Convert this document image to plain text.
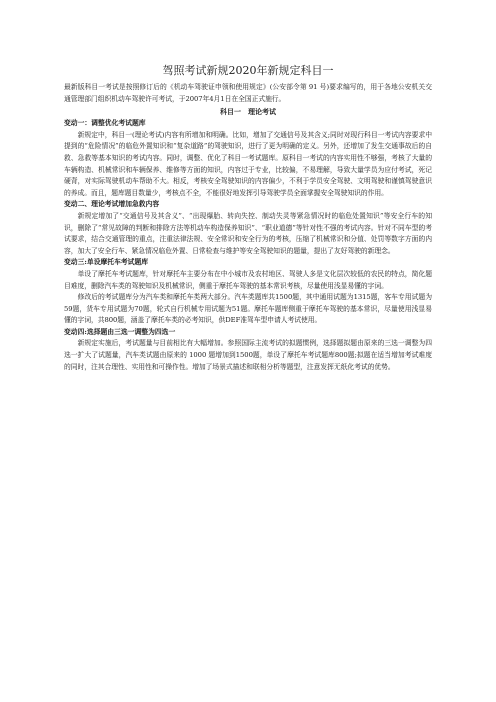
驾照考试新规2020年新规定科目一

最新版科目一考试是按照修订后的《机动车驾驶证申领和使用规定》(公安部令第 91 号)要求编写的，用于各地公安机关交通管理部门组织机动车驾驶许可考试，于2007年4月1日在全国正式施行。

科目一　理论考试
变动一：调整优化考试题库

新规定中，科目一(理论考试)内容有所增加和明确。比如，增加了交通信号及其含义;同时对现行科目一考试内容要求中提到的“危险情况”的临危外置知识和“复杂道路”的驾驶知识，进行了更为明确的定义。另外，还增加了发生交通事故后的自救、急救等基本知识的考试内容。同时，调整、优化了科目一考试题库。原科目一考试的内容实用性不够强，考核了大量的车辆构造、机械常识和车辆保养、维修等方面的知识，内容过于专业，比较偏，不易理解，导致大量学员为应付考试，死记硬背，对实际驾驶机动车帮助不大。相反，考核安全驾驶知识的内容偏少，不利于学员安全驾驶、文明驾驶和谨慎驾驶意识的养成。而且，题库题目数量少，考核点不全，不能很好地发挥引导驾驶学员全面掌握安全驾驶知识的作用。

变动二、理论考试增加急救内容

新规定增加了“交通信号及其含义”、“出现爆胎、转向失控、制动失灵等紧急情况时的临危处置知识”等安全行车的知识，删除了“常见故障的判断和排除方法等机动车构造保养知识”、“职业道德”等针对性不强的考试内容。针对不同车型的考试要求，结合交通管理的重点，注重法律法规、安全常识和安全行为的考核，压缩了机械常识和分值、处罚等数字方面的内容，加大了安全行车、紧急情况临危外置、日常检查与维护等安全驾驶知识的题量，提出了友好驾驶的新理念。

变动三:单设摩托车考试题库

单设了摩托车考试题库，针对摩托车主要分布在中小城市及农村地区、驾驶人多是文化层次较低的农民的特点，简化题目难度，删除汽车类的驾驶知识及机械常识，侧重于摩托车驾驶的基本常识考核，尽量使用浅显易懂的字词。

修改后的考试题库分为汽车类和摩托车类两大部分。汽车类题库共1500题，其中通用试题为1315题，客车专用试题为59题，货车专用试题为70题，轮式自行机械专用试题为51题。摩托车题库侧重于摩托车驾驶的基本常识，尽量使用浅显易懂的字词，共800题，涵盖了摩托车类的必考知识，供DEF准驾车型申请人考试使用。

变动四:选择题由三选一调整为四选一

新规定实施后，考试题量与目前相比有大幅增加。参照国际主流考试的拟题惯例，选择题拟题由原来的三选一调整为四选一扩大了试题量，汽车类试题由原来的 1000 题增加到1500题，单设了摩托车考试题库800题;拟题在适当增加考试难度的同时，注其合理性、实用性和可操作性。增加了场景式描述和联相分析等题型，注意发挥无纸化考试的优势。
